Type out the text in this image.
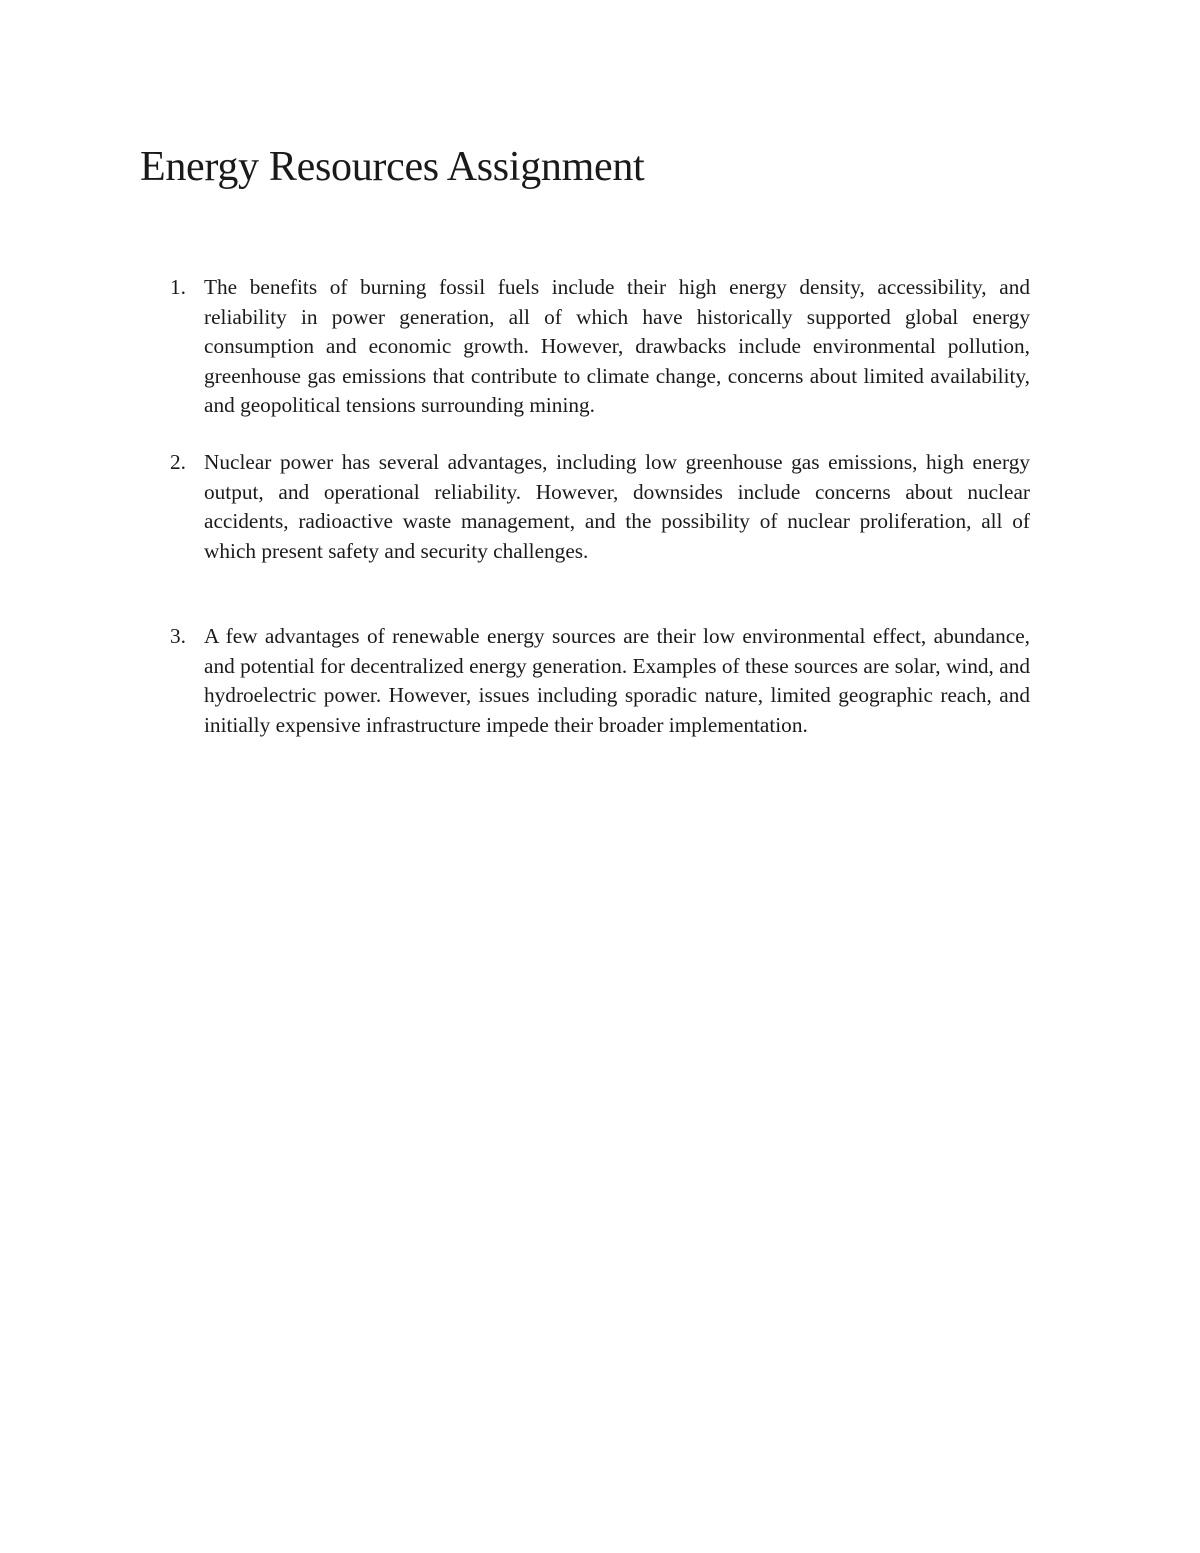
Energy Resources Assignment
1. The benefits of burning fossil fuels include their high energy density, accessibility, and reliability in power generation, all of which have historically supported global energy consumption and economic growth. However, drawbacks include environmental pollution, greenhouse gas emissions that contribute to climate change, concerns about limited availability, and geopolitical tensions surrounding mining.

2. Nuclear power has several advantages, including low greenhouse gas emissions, high energy output, and operational reliability. However, downsides include concerns about nuclear accidents, radioactive waste management, and the possibility of nuclear proliferation, all of which present safety and security challenges.

3. A few advantages of renewable energy sources are their low environmental effect, abundance, and potential for decentralized energy generation. Examples of these sources are solar, wind, and hydroelectric power. However, issues including sporadic nature, limited geographic reach, and initially expensive infrastructure impede their broader implementation.
